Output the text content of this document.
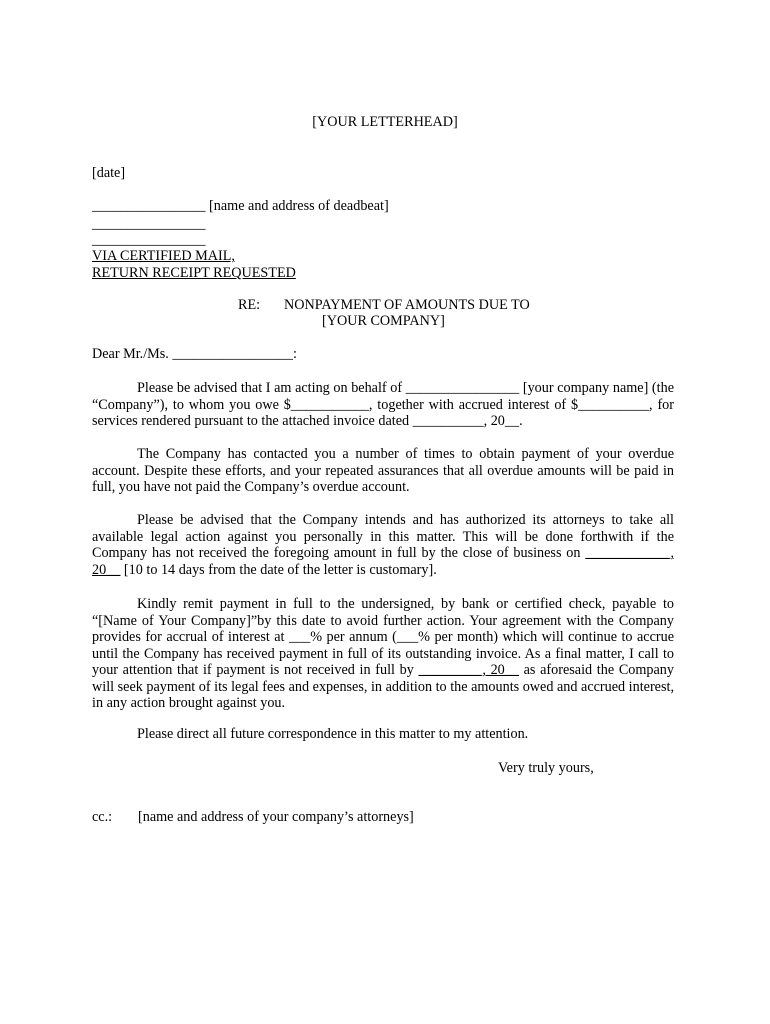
[YOUR LETTERHEAD]
[date]
________________ [name and address of deadbeat]
________________
________________
VIA CERTIFIED MAIL,
RETURN RECEIPT REQUESTED
RE: NONPAYMENT OF AMOUNTS DUE TO
[YOUR COMPANY]
Dear Mr./Ms. _________________:
Please be advised that I am acting on behalf of ________________ [your company name] (the “Company”), to whom you owe $___________, together with accrued interest of $__________, for services rendered pursuant to the attached invoice dated __________, 20__.
The Company has contacted you a number of times to obtain payment of your overdue account. Despite these efforts, and your repeated assurances that all overdue amounts will be paid in full, you have not paid the Company’s overdue account.
Please be advised that the Company intends and has authorized its attorneys to take all available legal action against you personally in this matter. This will be done forthwith if the Company has not received the foregoing amount in full by the close of business on ____________, 20__ [10 to 14 days from the date of the letter is customary].
Kindly remit payment in full to the undersigned, by bank or certified check, payable to “[Name of Your Company]”by this date to avoid further action. Your agreement with the Company provides for accrual of interest at ___% per annum (___% per month) which will continue to accrue until the Company has received payment in full of its outstanding invoice. As a final matter, I call to your attention that if payment is not received in full by _________, 20__ as aforesaid the Company will seek payment of its legal fees and expenses, in addition to the amounts owed and accrued interest, in any action brought against you.
Please direct all future correspondence in this matter to my attention.
Very truly yours,
cc.: [name and address of your company’s attorneys]
